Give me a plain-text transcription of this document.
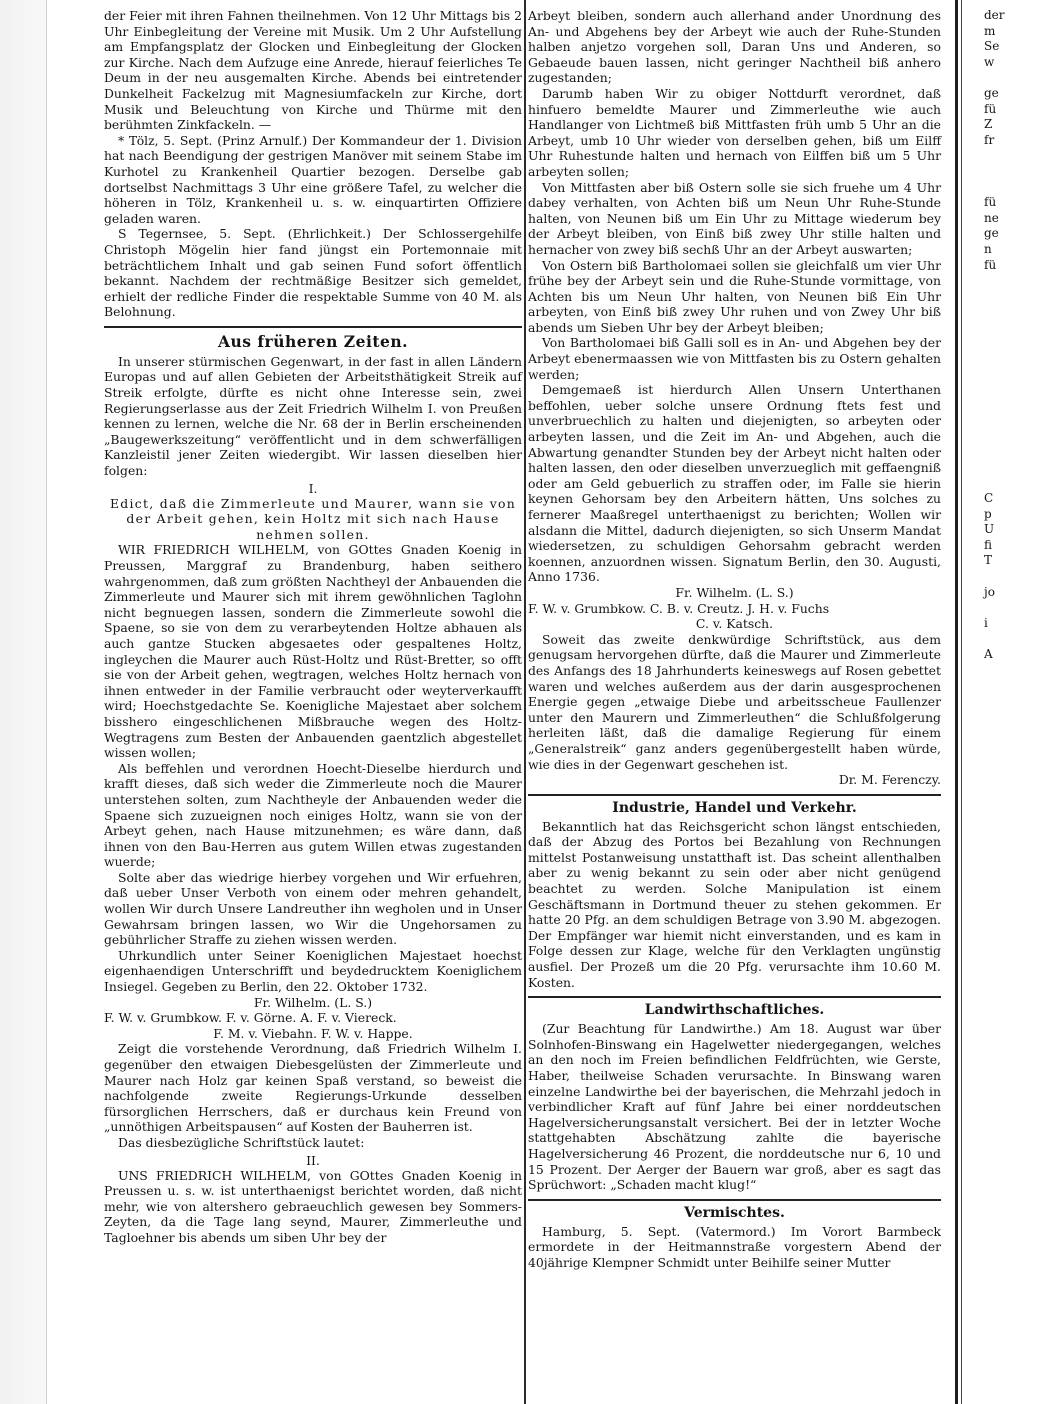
der Feier mit ihren Fahnen theilnehmen. Von 12 Uhr Mittags bis 2 Uhr Einbegleitung der Vereine mit Musik. Um 2 Uhr Aufstellung am Empfangsplatz der Glocken und Einbegleitung der Glocken zur Kirche. Nach dem Aufzuge eine Anrede, hierauf feierliches Te Deum in der neu ausgemalten Kirche. Abends bei eintretender Dunkelheit Fackelzug mit Magnesiumfackeln zur Kirche, dort Musik und Beleuchtung von Kirche und Thürme mit den berühmten Zinkfackeln. —

* Tölz, 5. Sept. (Prinz Arnulf.) Der Kommandeur der 1. Division hat nach Beendigung der gestrigen Manöver mit seinem Stabe im Kurhotel zu Krankenheil Quartier bezogen. Derselbe gab dortselbst Nachmittags 3 Uhr eine größere Tafel, zu welcher die höheren in Tölz, Krankenheil u. s. w. einquartirten Offiziere geladen waren.

S Tegernsee, 5. Sept. (Ehrlichkeit.) Der Schlossergehilfe Christoph Mögelin hier fand jüngst ein Portemonnaie mit beträchtlichem Inhalt und gab seinen Fund sofort öffentlich bekannt. Nachdem der rechtmäßige Besitzer sich gemeldet, erhielt der redliche Finder die respektable Summe von 40 M. als Belohnung.

Aus früheren Zeiten.

In unserer stürmischen Gegenwart, in der fast in allen Ländern Europas und auf allen Gebieten der Arbeitsthätigkeit Streik auf Streik erfolgte, dürfte es nicht ohne Interesse sein, zwei Regierungserlasse aus der Zeit Friedrich Wilhelm I. von Preußen kennen zu lernen, welche die Nr. 68 der in Berlin erscheinenden „Baugewerkszeitung“ veröffentlicht und in dem schwerfälligen Kanzleistil jener Zeiten wiedergibt. Wir lassen dieselben hier folgen:

I.
Edict, daß die Zimmerleute und Maurer, wann sie von der Arbeit gehen, kein Holtz mit sich nach Hause nehmen sollen.

WIR FRIEDRICH WILHELM, von GOttes Gnaden Koenig in Preussen, Marggraf zu Brandenburg, haben seithero wahrgenommen, daß zum größten Nachtheyl der Anbauenden die Zimmerleute und Maurer sich mit ihrem gewöhnlichen Taglohn nicht begnuegen lassen, sondern die Zimmerleute sowohl die Spaene, so sie von dem zu verarbeytenden Holtze abhauen als auch gantze Stucken abgesaetes oder gespaltenes Holtz, ingleychen die Maurer auch Rüst-Holtz und Rüst-Bretter, so offt sie von der Arbeit gehen, wegtragen, welches Holtz hernach von ihnen entweder in der Familie verbraucht oder weyterverkaufft wird; Hoechstgedachte Se. Koenigliche Majestaet aber solchem bisshero eingeschlichenen Mißbrauche wegen des Holtz-Wegtragens zum Besten der Anbauenden gaentzlich abgestellet wissen wollen;

Als beffehlen und verordnen Hoecht-Dieselbe hierdurch und krafft dieses, daß sich weder die Zimmerleute noch die Maurer unterstehen solten, zum Nachtheyle der Anbauenden weder die Spaene sich zuzueignen noch einiges Holtz, wann sie von der Arbeyt gehen, nach Hause mitzunehmen; es wäre dann, daß ihnen von den Bau-Herren aus gutem Willen etwas zugestanden wuerde;

Solte aber das wiedrige hierbey vorgehen und Wir erfuehren, daß ueber Unser Verboth von einem oder mehren gehandelt, wollen Wir durch Unsere Landreuther ihn wegholen und in Unser Gewahrsam bringen lassen, wo Wir die Ungehorsamen zu gebührlicher Straffe zu ziehen wissen werden.

Uhrkundlich unter Seiner Koeniglichen Majestaet hoechst eigenhaendigen Unterschrifft und beydedrucktem Koeniglichem Insiegel. Gegeben zu Berlin, den 22. Oktober 1732.

Fr. Wilhelm. (L. S.)

F. W. v. Grumbkow. F. v. Görne. A. F. v. Viereck.

F. M. v. Viebahn. F. W. v. Happe.

Zeigt die vorstehende Verordnung, daß Friedrich Wilhelm I. gegenüber den etwaigen Diebesgelüsten der Zimmerleute und Maurer nach Holz gar keinen Spaß verstand, so beweist die nachfolgende zweite Regierungs-Urkunde desselben fürsorglichen Herrschers, daß er durchaus kein Freund von „unnöthigen Arbeitspausen“ auf Kosten der Bauherren ist.

Das diesbezügliche Schriftstück lautet:

II.

UNS FRIEDRICH WILHELM, von GOttes Gnaden Koenig in Preussen u. s. w. ist unterthaenigst berichtet worden, daß nicht mehr, wie von altershero gebraeuchlich gewesen bey Sommers-Zeyten, da die Tage lang seynd, Maurer, Zimmerleuthe und Tagloehner bis abends um siben Uhr bey der

Arbeyt bleiben, sondern auch allerhand ander Unordnung des An- und Abgehens bey der Arbeyt wie auch der Ruhe-Stunden halben anjetzo vorgehen soll, Daran Uns und Anderen, so Gebaeude bauen lassen, nicht geringer Nachtheil biß anhero zugestanden;

Darumb haben Wir zu obiger Nottdurft verordnet, daß hinfuero bemeldte Maurer und Zimmerleuthe wie auch Handlanger von Lichtmeß biß Mittfasten früh umb 5 Uhr an die Arbeyt, umb 10 Uhr wieder von derselben gehen, biß um Eilff Uhr Ruhestunde halten und hernach von Eilffen biß um 5 Uhr arbeyten sollen;

Von Mittfasten aber biß Ostern solle sie sich fruehe um 4 Uhr dabey verhalten, von Achten biß um Neun Uhr Ruhe-Stunde halten, von Neunen biß um Ein Uhr zu Mittage wiederum bey der Arbeyt bleiben, von Einß biß zwey Uhr stille halten und hernacher von zwey biß sechß Uhr an der Arbeyt auswarten;

Von Ostern biß Bartholomaei sollen sie gleichfalß um vier Uhr frühe bey der Arbeyt sein und die Ruhe-Stunde vormittage, von Achten bis um Neun Uhr halten, von Neunen biß Ein Uhr arbeyten, von Einß biß zwey Uhr ruhen und von Zwey Uhr biß abends um Sieben Uhr bey der Arbeyt bleiben;

Von Bartholomaei biß Galli soll es in An- und Abgehen bey der Arbeyt ebenermaassen wie von Mittfasten bis zu Ostern gehalten werden;

Demgemaeß ist hierdurch Allen Unsern Unterthanen beffohlen, ueber solche unsere Ordnung ftets fest und unverbruechlich zu halten und diejenigten, so arbeyten oder arbeyten lassen, und die Zeit im An- und Abgehen, auch die Abwartung genandter Stunden bey der Arbeyt nicht halten oder halten lassen, den oder dieselben unverzueglich mit geffaengniß oder am Geld gebuerlich zu straffen oder, im Falle sie hierin keynen Gehorsam bey den Arbeitern hätten, Uns solches zu fernerer Maaßregel unterthaenigst zu berichten; Wollen wir alsdann die Mittel, dadurch diejenigten, so sich Unserm Mandat wiedersetzen, zu schuldigen Gehorsahm gebracht werden koennen, anzuordnen wissen. Signatum Berlin, den 30. Augusti, Anno 1736.

Fr. Wilhelm. (L. S.)

F. W. v. Grumbkow. C. B. v. Creutz. J. H. v. Fuchs

C. v. Katsch.

Soweit das zweite denkwürdige Schriftstück, aus dem genugsam hervorgehen dürfte, daß die Maurer und Zimmerleute des Anfangs des 18 Jahrhunderts keineswegs auf Rosen gebettet waren und welches außerdem aus der darin ausgesprochenen Energie gegen „etwaige Diebe und arbeitsscheue Faullenzer unter den Maurern und Zimmerleuthen“ die Schlußfolgerung herleiten läßt, daß die damalige Regierung für einem „Generalstreik“ ganz anders gegenübergestellt haben würde, wie dies in der Gegenwart geschehen ist.

Dr. M. Ferenczy.

Industrie, Handel und Verkehr.

Bekanntlich hat das Reichsgericht schon längst entschieden, daß der Abzug des Portos bei Bezahlung von Rechnungen mittelst Postanweisung unstatthaft ist. Das scheint allenthalben aber zu wenig bekannt zu sein oder aber nicht genügend beachtet zu werden. Solche Manipulation ist einem Geschäftsmann in Dortmund theuer zu stehen gekommen. Er hatte 20 Pfg. an dem schuldigen Betrage von 3.90 M. abgezogen. Der Empfänger war hiemit nicht einverstanden, und es kam in Folge dessen zur Klage, welche für den Verklagten ungünstig ausfiel. Der Prozeß um die 20 Pfg. verursachte ihm 10.60 M. Kosten.

Landwirthschaftliches.

(Zur Beachtung für Landwirthe.) Am 18. August war über Solnhofen-Binswang ein Hagelwetter niedergegangen, welches an den noch im Freien befindlichen Feldfrüchten, wie Gerste, Haber, theilweise Schaden verursachte. In Binswang waren einzelne Landwirthe bei der bayerischen, die Mehrzahl jedoch in verbindlicher Kraft auf fünf Jahre bei einer norddeutschen Hagelversicherungsanstalt versichert. Bei der in letzter Woche stattgehabten Abschätzung zahlte die bayerische Hagelversicherung 46 Prozent, die norddeutsche nur 6, 10 und 15 Prozent. Der Aerger der Bauern war groß, aber es sagt das Sprüchwort: „Schaden macht klug!“

Vermischtes.

Hamburg, 5. Sept. (Vatermord.) Im Vorort Barmbeck ermordete in der Heitmannstraße vorgestern Abend der 40jährige Klempner Schmidt unter Beihilfe seiner Mutter

der
m
Se
w

ge
fü
Z
fr

fü
ne
ge
n
fü
C
p
U
fi
T

jo

i

A
